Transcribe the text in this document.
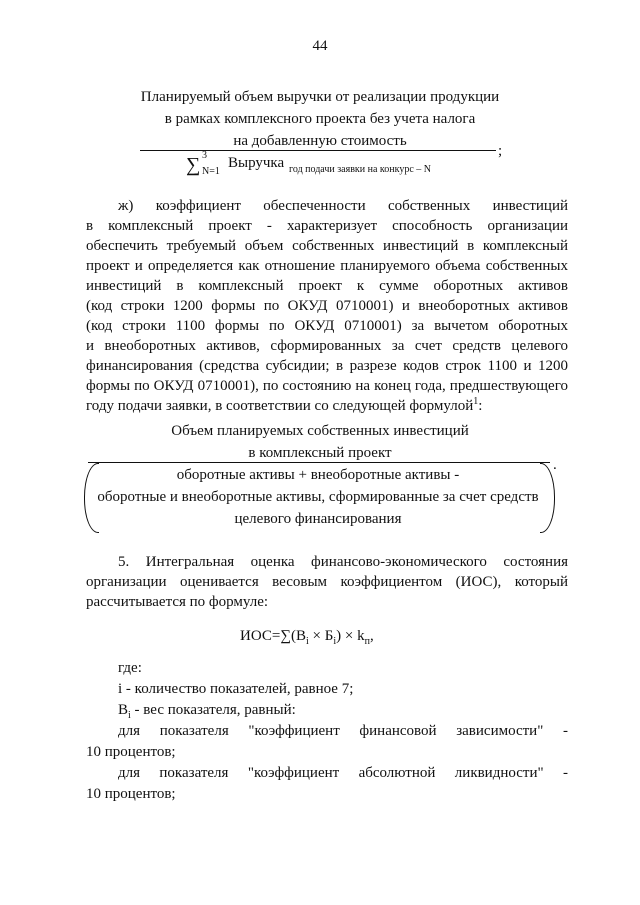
44
Планируемый объем выручки от реализации продукции
в рамках комплексного проекта без учета налога
на добавленную стоимость
;
∑ 3
N=1
Выручка год подачи заявки на конкурс – N

ж) коэффициент обеспеченности собственных инвестиций

в комплексный проект - характеризует способность организации

обеспечить требуемый объем собственных инвестиций в комплексный

проект и определяется как отношение планируемого объема собственных

инвестиций в комплексный проект к сумме оборотных активов

(код строки 1200 формы по ОКУД 0710001) и внеоборотных активов

(код строки 1100 формы по ОКУД 0710001) за вычетом оборотных

и внеоборотных активов, сформированных за счет средств целевого

финансирования (средства субсидии; в разрезе кодов строк 1100 и 1200

формы по ОКУД 0710001), по состоянию на конец года, предшествующего

году подачи заявки, в соответствии со следующей формулой$^1$:

Объем планируемых собственных инвестиций
в комплексный проект
.
оборотные активы + внеоборотные активы -
оборотные и внеоборотные активы, сформированные за счет средств
целевого финансирования

5. Интегральная оценка финансово-экономического состояния

организации оценивается весовым коэффициентом (ИОС), который

рассчитывается по формуле:

$ИОС=\sum(В_i \times Б_i) \times k_п$,

где:

i - количество показателей, равное 7;

$В_i$ - вес показателя, равный:

для показателя "коэффициент финансовой зависимости" -

10 процентов;

для показателя "коэффициент абсолютной ликвидности" -

10 процентов;
